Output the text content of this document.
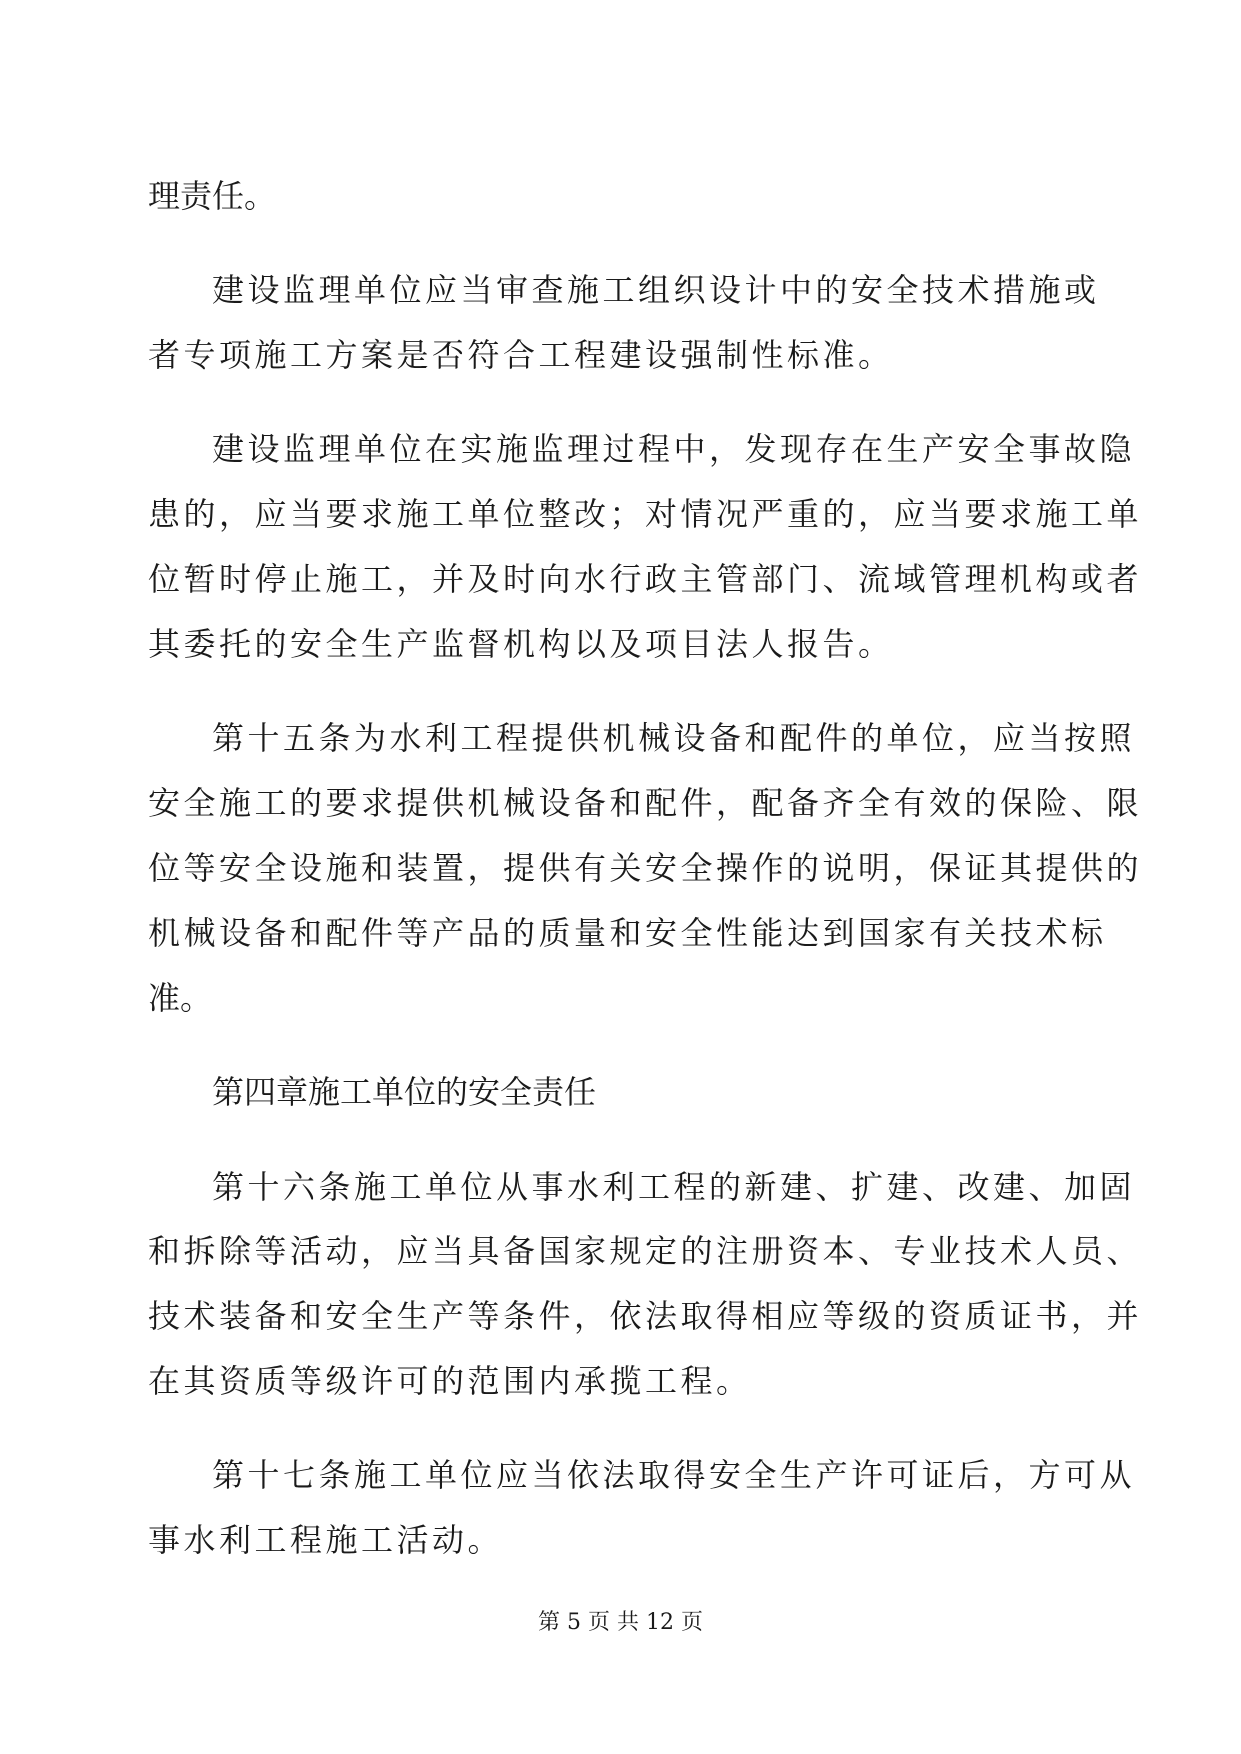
理责任。
建设监理单位应当审查施工组织设计中的安全技术措施或
者专项施工方案是否符合工程建设强制性标准。
建设监理单位在实施监理过程中，发现存在生产安全事故隐
患的，应当要求施工单位整改；对情况严重的，应当要求施工单
位暂时停止施工，并及时向水行政主管部门、流域管理机构或者
其委托的安全生产监督机构以及项目法人报告。
第十五条为水利工程提供机械设备和配件的单位，应当按照
安全施工的要求提供机械设备和配件，配备齐全有效的保险、限
位等安全设施和装置，提供有关安全操作的说明，保证其提供的
机械设备和配件等产品的质量和安全性能达到国家有关技术标
准。
第四章施工单位的安全责任
第十六条施工单位从事水利工程的新建、扩建、改建、加固
和拆除等活动，应当具备国家规定的注册资本、专业技术人员、
技术装备和安全生产等条件，依法取得相应等级的资质证书，并
在其资质等级许可的范围内承揽工程。
第十七条施工单位应当依法取得安全生产许可证后，方可从
事水利工程施工活动。
第 5 页 共 12 页
